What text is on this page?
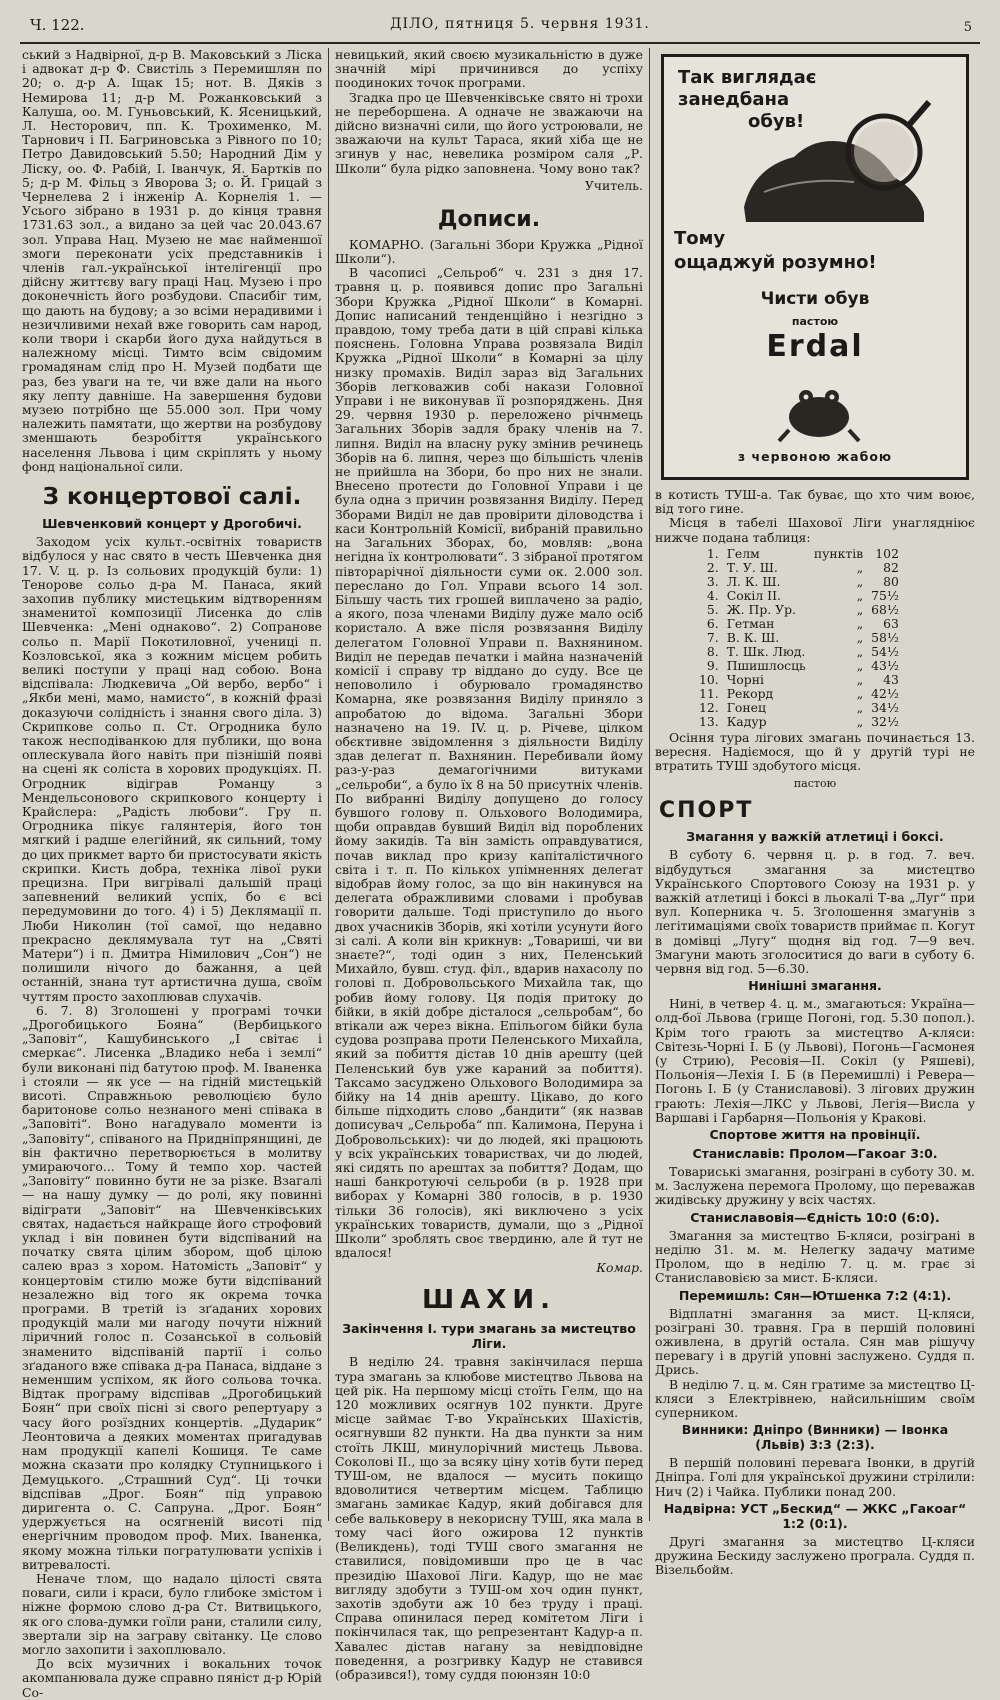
Ч. 122.	ДІЛО, пятниця 5. червня 1931.	5

ський з Надвірної, д-р В. Маковський з Ліска і адвокат д-р Ф. Свистіль з Перемишлян по 20; о. д-р А. Іщак 15; нот. В. Дяків з Немирова 11; д-р М. Рожанковський з Калуша, оо. М. Гуньовський, К. Ясеницький, Л. Несторович, пп. К. Трохименко, М. Тарнович і П. Багриновська з Рівного по 10; Петро Давидовський 5.50; Народний Дім у Ліску, оо. Ф. Рабій, І. Іванчук, Я. Бартків по 5; д-р М. Фільц з Яворова 3; о. Й. Грицай з Чернелева 2 і інженір А. Корнелія 1. — Усього зібрано в 1931 р. до кінця травня 1731.63 зол., а видано за цей час 20.043.67 зол. Управа Нац. Музею не має найменшої змоги переконати усіх представників і членів гал.-української інтелігенції про дійсну життєву вагу праці Нац. Музею і про доконечність його розбудови. Спасибіг тим, що дають на будову; а зо всіми нерадивими і незичливими нехай вже говорить сам народ, коли твори і скарби його духа найдуться в належному місці. Тимто всім свідомим громадянам слід про Н. Музей подбати ще раз, без уваги на те, чи вже дали на нього яку лепту давніше. На завершення будови музею потрібно ще 55.000 зол. При чому належить памятати, що жертви на розбудову зменшають безробіття українського населення Львова і цим скріплять у ньому фонд національної сили.

З концертової салі.
Шевченковий концерт у Дрогобичі.

Заходом усіх культ.-освітніх товариств відбулося у нас свято в честь Шевченка дня 17. V. ц. р. Із сольових продукцій були: 1) Тенорове сольо д-ра М. Панаса, який захопив публику мистецьким відтворенням знаменитої композиції Лисенка до слів Шевченка: „Мені однаково“. 2) Сопранове сольо п. Марії Покотиловної, учениці п. Козловської, яка з кожним місцем робить великі поступи у праці над собою. Вона відспівала: Людкевича „Ой вербо, вербо“ і „Якби мені, мамо, намисто“, в кожній фразі доказуючи солідність і знання свого діла. 3) Скрипкове сольо п. Ст. Огродника було також несподіванкою для публики, що вона оплескувала його навіть при пізнішій появі на сцені як соліста в хорових продукціях. П. Огродник відіграв Романцу з Мендельсонового скрипкового концерту і Крайслера: „Радість любови“. Гру п. Огродника пікує галянтерія, його тон мягкий і радше елегійний, як сильний, тому до цих прикмет варто би пристосувати якість скрипки. Кисть добра, техніка лівої руки прецизна. При вигрівалі дальшій праці запевнений великий успіх, бо є всі передумовини до того. 4) і 5) Деклямації п. Люби Николин (тої самої, що недавно прекрасно деклямувала тут на „Святі Матери“) і п. Дмитра Німилович „Сон“) не полишили нічого до бажання, а цей останній, знана тут артистична душа, своїм чуттям просто захоплював слухачів.

6. 7. 8) Зголошені у програмі точки „Дрогобицького Бояна“ (Вербицького „Заповіт“, Кашубинського „І світає і смеркає“. Лисенка „Владико неба і землі“ були виконані під батутою проф. М. Іваненка і стояли — як усе — на гідній мистецькій висоті. Справжньою революцією було баритонове сольо незнаного мені співака в „Заповіті“. Воно нагадувало моменти із „Заповіту“, співаного на Придніпрянщині, де він фактично перетворюється в молитву умираючого... Тому й темпо хор. частей „Заповіту“ повинно бути не за різке. Взагалі — на нашу думку — до ролі, яку повинні відіграти „Заповіт“ на Шевченківських святах, надається найкраще його строфовий уклад і він повинен бути відспіваний на початку свята цілим збором, щоб цілою салею враз з хором. Натомість „Заповіт“ у концертовім стилю може бути відспіваний незалежно від того як окрема точка програми. В третій із зґаданих хорових продукцій мали ми нагоду почути ніжний ліричний голос п. Созанської в сольовій знаменито відспіваній партії і сольо зґаданого вже співака д-ра Панаса, віддане з неменшим успіхом, як його сольова точка. Відтак програму відспівав „Дрогобицький Боян“ при своїх пісні зі свого репертуару з часу його розїздних концертів. „Дударик“ Леонтовича а деяких моментах пригадував нам продукції капелі Кошиця. Те саме можна сказати про колядку Ступницького і Демуцького. „Страшний Суд“. Ці точки відспівав „Дрог. Боян“ під управою диригента о. С. Сапруна. „Дрог. Боян“ удержується на осягненій висоті під енергічним проводом проф. Мих. Іваненка, якому можна тільки погратулювати успіхів і витревалості.

Неначе тлом, що надало цілості свята поваги, сили і краси, було глибоке змістом і ніжне формою слово д-ра Ст. Витвицького, як ого слова-думки гоїли рани, сталили силу, звертали зір на заграву світанку. Це слово могло захопити і захоплювало.

До всіх музичних і вокальних точок акомпанювала дуже справно пяніст д-р Юрій Со-

невицький, який своєю музикальністю в дуже значній мірі причинився до успіху поодиноких точок програми.

Згадка про це Шевченківське свято ні трохи не переборшена. А одначе не зважаючи на дійсно визначні сили, що його устроювали, не зважаючи на культ Тараса, який хіба ще не згинув у нас, невелика розміром саля „Р. Школи“ була рідко заповнена. Чому воно так?

Учитель.
Дописи.

КОМАРНО. (Загальні Збори Кружка „Рідної Школи“).

В часописі „Сельроб“ ч. 231 з дня 17. травня ц. р. появився допис про Загальні Збори Кружка „Рідної Школи“ в Комарні. Допис написаний тенденційно і незгідно з правдою, тому треба дати в цій справі кілька пояснень. Головна Управа розвязала Виділ Кружка „Рідної Школи“ в Комарні за цілу низку промахів. Виділ зараз від Загальних Зборів легковажив собі накази Головної Управи і не виконував її розпоряджень. Дня 29. червня 1930 р. переложено річнмець Загальних Зборів задля браку членів на 7. липня. Виділ на власну руку змінив речинець Зборів на 6. липня, через що більшість членів не прийшла на Збори, бо про них не знали. Внесено протести до Головної Управи і це була одна з причин розвязання Виділу. Перед Зборами Виділ не дав провірити діловодства і каси Контрольній Комісії, вибраній правильно на Загальних Зборах, бо, мовляв: „вона негідна їх контролювати“. З зібраної протягом півторарічної діяльности суми ок. 2.000 зол. переслано до Гол. Управи всього 14 зол. Більшу часть тих грошей виплачено за радіо, а якого, поза членами Виділу дуже мало осіб користало. А вже після розвязання Виділу делегатом Головної Управи п. Вахнянином. Виділ не передав печатки і майна назначеній комісії і справу тр віддано до суду. Все це неповолило і обурювало громадянство Комарна, яке розвязання Виділу приняло з апробатою до відома. Загальні Збори назначено на 19. IV. ц. р. Річеве, цілком обєктивне звідомлення з діяльности Виділу здав делегат п. Вахнянин. Перебивали йому раз-у-раз демагогічними витуками „сельроби“, а було їх 8 на 50 присутніх членів. По вибранні Виділу допущено до голосу бувшого голову п. Ольхового Володимира, щоби оправдав бувший Виділ від пороблених йому закидів. Та він замість оправдуватися, почав виклад про кризу капіталістичного світа і т. п. По кількох упімненнях делегат відобрав йому голос, за що він накинувся на делегата ображливими словами і пробував говорити дальше. Тоді приступило до нього двох учасників Зборів, які хотіли усунути його зі салі. А коли він крикнув: „Товариші, чи ви знаєте?“, тоді один з них, Пеленський Михайло, бувш. студ. філ., вдарив нахасолу по голові п. Добровольського Михайла так, що робив йому голову. Ця подія притоку до бійки, в якій добре дісталося „сельробам“, бо втікали аж через вікна. Епільогом бійки була судова розправа проти Пеленського Михайла, який за побиття дістав 10 днів арешту (цей Пеленський був уже караний за побиття). Таксамо засуджено Ольхового Володимира за бійку на 14 днів арешту. Цікаво, до кого більше підходить слово „бандити“ (як назвав дописувач „Сельроба“ пп. Калимона, Перуна і Добровольських): чи до людей, які працюють у всіх українських товариствах, чи до людей, які сидять по арештах за побиття? Додам, що нашi банкротуючі сельроби (в р. 1928 при виборах у Комарні 380 голосів, в р. 1930 тільки 36 голосів), які виключено з усіх українських товариств, думали, що з „Рідної Школи“ зроблять своє твердиню, але й тут не вдалося!

Комар.
ШАХИ.
Закінчення І. тури змагань за мистецтво Ліги.

В неділю 24. травня закінчилася перша тура змагань за клюбове мистецтво Львова на цей рік. На першому місці стоїть Гелм, що на 120 можливих осягнув 102 пункти. Друге місце займає Т-во Українських Шахістів, осягнувши 82 пункти. На два пункти за ним стоїть ЛКШ, минулорічний мистець Львова. Соколові II., що за всяку ціну хотів бути перед ТУШ-ом, не вдалося — мусить покищо вдоволитися четвертим місцем. Таблицю змагань замикає Кадур, який добігався для себе вальковеру в некорисну ТУШ, яка мала в тому часі його ожирова 12 пунктів (Великдень), тоді ТУШ свого змагання не ставилися, повідомивши про це в час президію Шахової Ліги. Кадур, що не має вигляду здобути з ТУШ-ом хоч один пункт, захотів здобути аж 10 без труду і праці. Справа опинилася перед комітетом Ліги і покінчилася так, що репрезентант Кадур-а п. Хавалес дістав нагану за невідповідне поведення, а розгривку Кадур не ставився (образився!), тому суддя поюнзян 10:0

Так виглядає
занедбана
обув!
Тому
ощаджуй розумно!
Чисти обув
пастою
Erdal
з червоною жабою

в котисть ТУШ-а. Так буває, що хто чим воює, від того гине.

Місця в табелі Шахової Ліги унаглядніює нижче подана таблиця:

1.	Гелм	пунктів	102
2.	Т. У. Ш.	„	82
3.	Л. К. Ш.	„	80
4.	Сокіл II.	„	75½
5.	Ж. Пр. Ур.	„	68½
6.	Гетман	„	63
7.	В. К. Ш.	„	58½
8.	Т. Шк. Люд.	„	54½
9.	Пшишлосць	„	43½
10.	Чорні	„	43
11.	Рекорд	„	42½
12.	Гонец	„	34½
13.	Кадур	„	32½

Осіння тура лігових змагань починається 13. вересня. Надіємося, що й у другій турі не втратить ТУШ здобутого місця.

пастою
СПОРТ
Змагання у важкій атлетиці і боксі.

В суботу 6. червня ц. р. в год. 7. веч. відбудуться змагання за мистецтво Українського Спортового Союзу на 1931 р. у важкій атлетиці і боксі в льокалі Т-ва „Луг“ при вул. Коперника ч. 5. Зголошення змагунів з легітимаціями своїх товариств приймає п. Когут в домівці „Лугу“ щодня від год. 7—9 веч. Змагуни мають зголоситися до ваги в суботу 6. червня від год. 5—6.30.

Нинішні змагання.

Нині, в четвер 4. ц. м., змагаються: Україна—олд-бої Львова (грище Погоні, год. 5.30 попол.). Крім того грають за мистецтво А-кляси: Світезь-Чорні І. Б (у Львові), Погонь—Гасмонея (у Стрию), Ресовія—II. Сокіл (у Ряшеві), Польонія—Лехія І. Б (в Перемишлі) і Ревера—Погонь І. Б (у Станиславові). З лігових дружин грають: Лехія—ЛКС у Львові, Легія—Висла у Варшаві і Гарбарня—Польонія у Кракові.

Спортове життя на провінції.
Станиславів: Пролом—Гакоаг 3:0.

Товариські змагання, розіграні в суботу 30. м. м. Заслужена перемога Пролому, що переважав жидівську дружину у всіх частях.

Станиславовія—Єдність 10:0 (6:0).

Змагання за мистецтво Б-кляси, розіграні в неділю 31. м. м. Нелегку задачу матиме Пролом, що в неділю 7. ц. м. грає зі Станиславовією за мист. Б-кляси.

Перемишль: Сян—Ютшенка 7:2 (4:1).

Відплатні змагання за мист. Ц-кляси, розіграні 30. травня. Гра в першій половині оживлена, в другій остала. Сян мав рішучу перевагу і в другій уповні заслужено. Суддя п. Дрись.

В неділю 7. ц. м. Сян гратиме за мистецтво Ц-кляси з Електрівнею, найсильнішим своїм суперником.

Винники: Дніпро (Винники) — Івонка (Львів) 3:3 (2:3).

В першій половині перевага Івонки, в другій Дніпра. Голі для української дружини стрілили: Нич (2) і Чайка. Публики понад 200.

Надвірна: УСТ „Бескид“ — ЖКС „Гакоаг“ 1:2 (0:1).

Другі змагання за мистецтво Ц-кляси дружина Бескиду заслужено програла. Суддя п. Візельбойм.
